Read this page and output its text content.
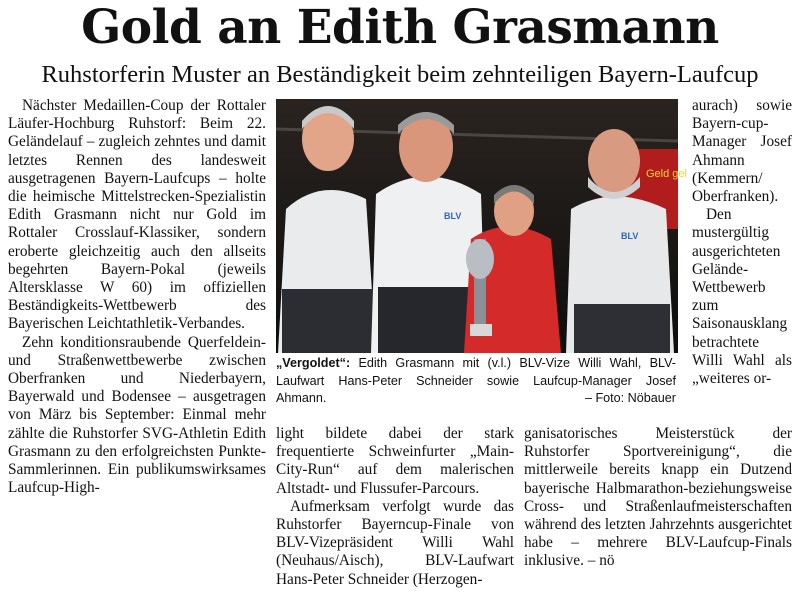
Gold an Edith Grasmann
Ruhstorferin Muster an Beständigkeit beim zehnteiligen Bayern-Laufcup

Nächster Medaillen-Coup der Rottaler Läufer-Hochburg Ruhstorf: Beim 22. Geländelauf – zugleich zehntes und damit letztes Rennen des landesweit ausgetragenen Bayern-Laufcups – holte die heimische Mittelstrecken-Spezialistin Edith Grasmann nicht nur Gold im Rottaler Crosslauf-Klassiker, sondern eroberte gleichzeitig auch den allseits begehrten Bayern-Pokal (jeweils Altersklasse W 60) im offiziellen Beständigkeits-Wettbewerb des Bayerischen Leichtathletik-Verbandes.

Zehn konditionsraubende Querfeldein- und Straßenwettbewerbe zwischen Oberfranken und Niederbayern, Bayerwald und Bodensee – ausgetragen von März bis September: Einmal mehr zählte die Ruhstorfer SVG-Athletin Edith Grasmann zu den erfolgreichsten Punkte-Sammlerinnen. Ein publikumswirksames Laufcup-High-

Geld gel
BLV
BLV
„Vergoldet“: Edith Grasmann mit (v.l.) BLV-Vize Willi Wahl, BLV-Laufwart Hans-Peter Schneider sowie Laufcup-Manager Josef Ahmann.	– Foto: Nöbauer

aurach) sowie Bayern-cup-Manager Josef Ahmann (Kemmern/ Oberfranken).

Den mustergültig ausgerichteten Gelände-Wettbewerb zum Saisonausklang betrachtete Willi Wahl als „weiteres or-

light bildete dabei der stark frequentierte Schweinfurter „Main-City-Run“ auf dem malerischen Altstadt- und Flussufer-Parcours.

Aufmerksam verfolgt wurde das Ruhstorfer Bayerncup-Finale von BLV-Vizepräsident Willi Wahl (Neuhaus/Aisch), BLV-Laufwart Hans-Peter Schneider (Herzogen-

ganisatorisches Meisterstück der Ruhstorfer Sportvereinigung“, die mittlerweile bereits knapp ein Dutzend bayerische Halbmarathon-beziehungsweise Cross- und Straßenlaufmeisterschaften während des letzten Jahrzehnts ausgerichtet habe – mehrere BLV-Laufcup-Finals inklusive. – nö
